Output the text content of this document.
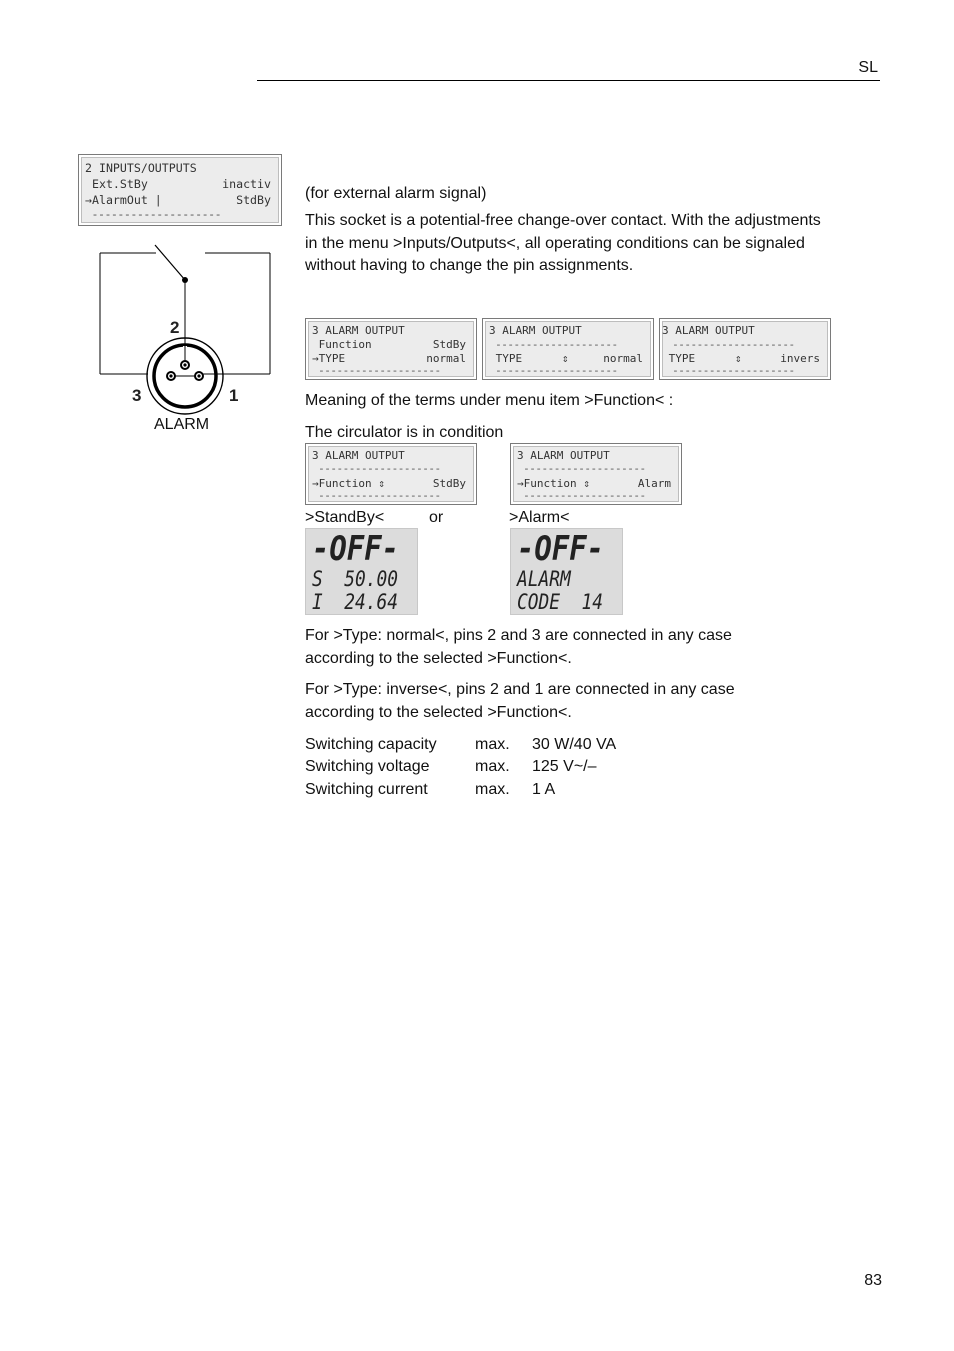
SL
2 INPUTS/OUTPUTS
Ext.StBy	inactiv
→AlarmOut |	StdBy
--------------------
2
3	1
ALARM
(for external alarm signal)
This socket is a potential-free change-over contact. With the adjustments in the menu >Inputs/Outputs<, all operating conditions can be signaled without having to change the pin assignments.
3 ALARM OUTPUT
Function	StdBy
→TYPE	normal
--------------------
3 ALARM OUTPUT
--------------------
TYPE      ⇕	normal
--------------------
3 ALARM OUTPUT
--------------------
TYPE      ⇕	invers
--------------------
Meaning of the terms under menu item >Function< :
The circulator is in condition
3 ALARM OUTPUT
--------------------
→Function ⇕	StdBy
--------------------
3 ALARM OUTPUT
--------------------
→Function ⇕	Alarm
--------------------
>StandBy<	or	>Alarm<
-OFF-
S  50.00
I  24.64
-OFF-
ALARM
CODE  14
For >Type: normal<, pins 2 and 3 are connected in any case according to the selected >Function<.
For >Type: inverse<, pins 2 and 1 are connected in any case according to the selected >Function<.
Switching capacity max. 30 W/40 VA
Switching voltage	max. 125 V~/–
Switching current	max. 1 A
83
